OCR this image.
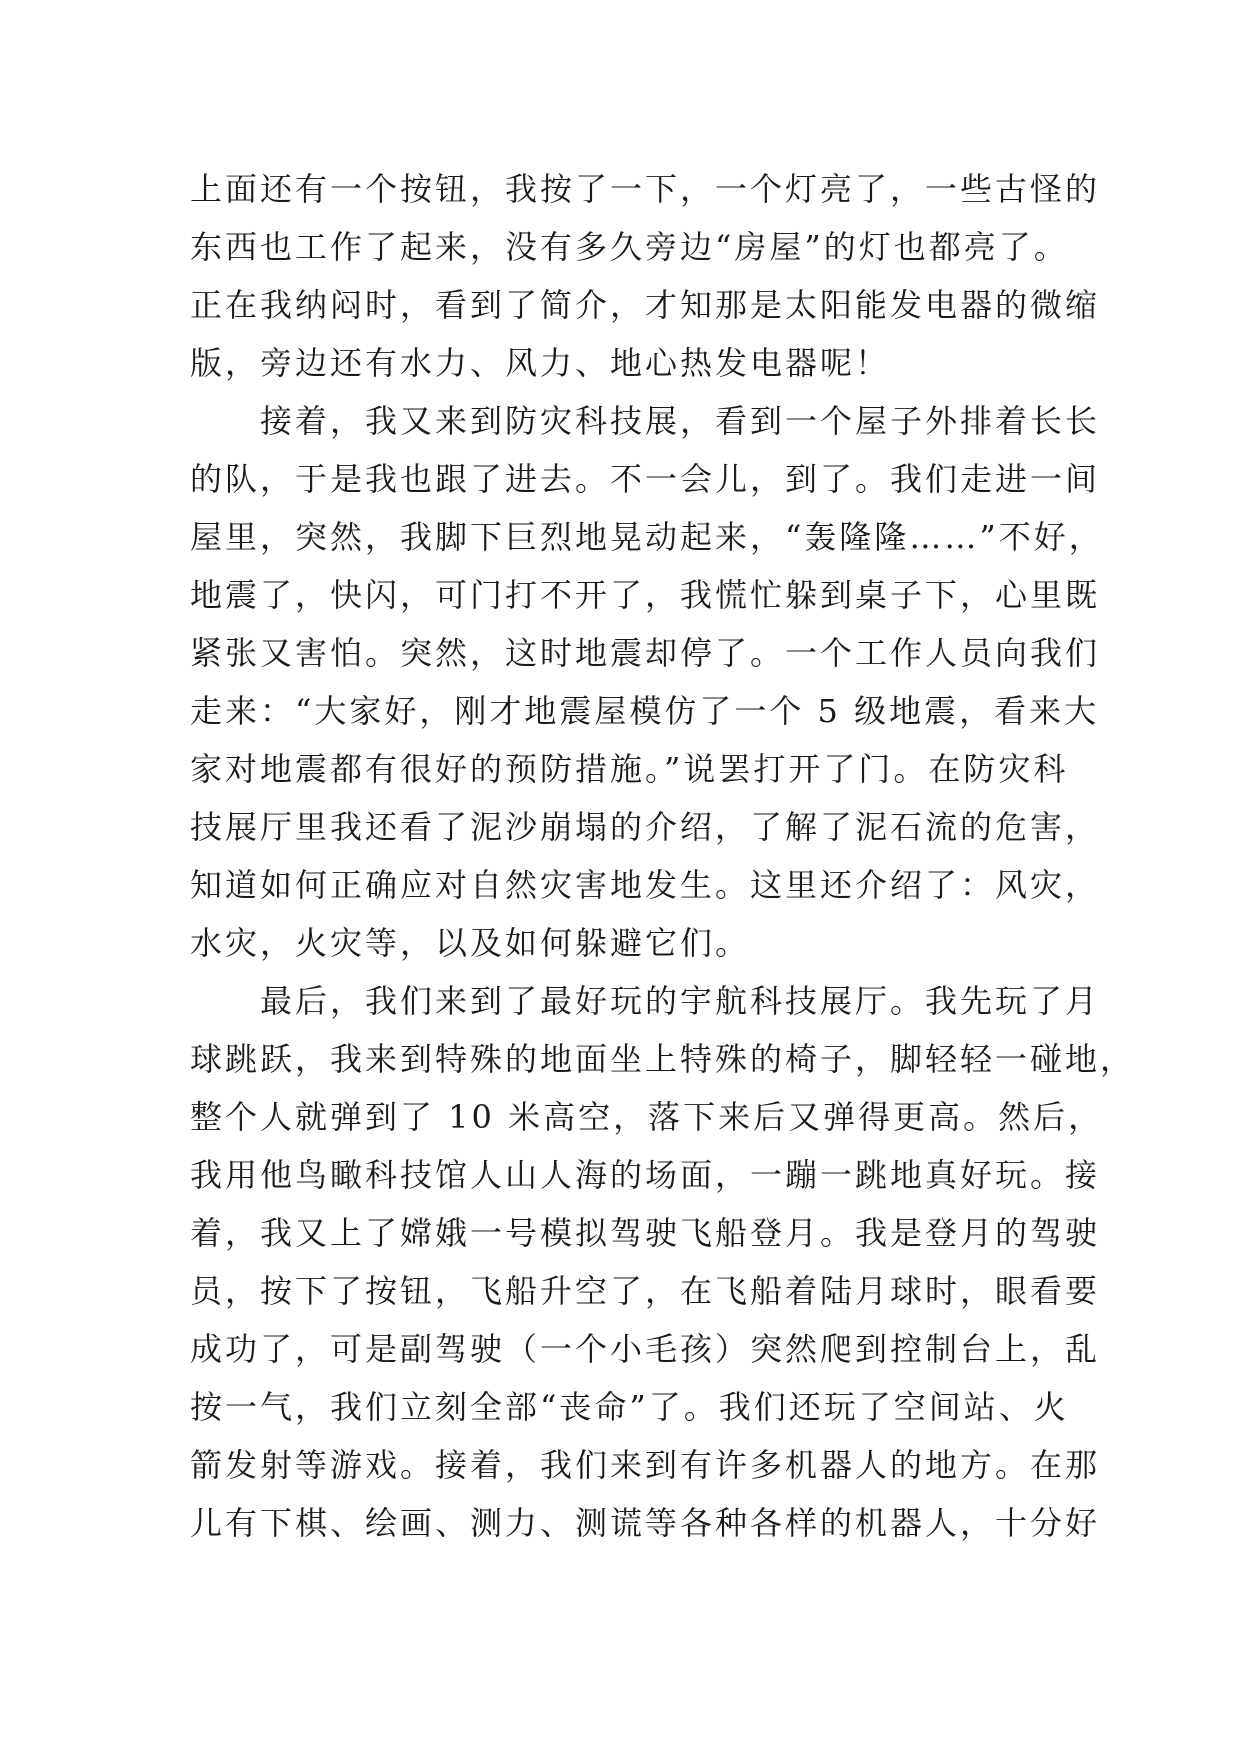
上面还有一个按钮，我按了一下，一个灯亮了，一些古怪的
东西也工作了起来，没有多久旁边“房屋”的灯也都亮了。
正在我纳闷时，看到了简介，才知那是太阳能发电器的微缩
版，旁边还有水力、风力、地心热发电器呢！
接着，我又来到防灾科技展，看到一个屋子外排着长长
的队，于是我也跟了进去。不一会儿，到了。我们走进一间
屋里，突然，我脚下巨烈地晃动起来，“轰隆隆……”不好，
地震了，快闪，可门打不开了，我慌忙躲到桌子下，心里既
紧张又害怕。突然，这时地震却停了。一个工作人员向我们
走来：“大家好，刚才地震屋模仿了一个 5 级地震，看来大
家对地震都有很好的预防措施。”说罢打开了门。在防灾科
技展厅里我还看了泥沙崩塌的介绍，了解了泥石流的危害，
知道如何正确应对自然灾害地发生。这里还介绍了：风灾，
水灾，火灾等，以及如何躲避它们。
最后，我们来到了最好玩的宇航科技展厅。我先玩了月
球跳跃，我来到特殊的地面坐上特殊的椅子，脚轻轻一碰地，
整个人就弹到了 10 米高空，落下来后又弹得更高。然后，
我用他鸟瞰科技馆人山人海的场面，一蹦一跳地真好玩。接
着，我又上了嫦娥一号模拟驾驶飞船登月。我是登月的驾驶
员，按下了按钮，飞船升空了，在飞船着陆月球时，眼看要
成功了，可是副驾驶（一个小毛孩）突然爬到控制台上，乱
按一气，我们立刻全部“丧命”了。我们还玩了空间站、火
箭发射等游戏。接着，我们来到有许多机器人的地方。在那
儿有下棋、绘画、测力、测谎等各种各样的机器人，十分好
